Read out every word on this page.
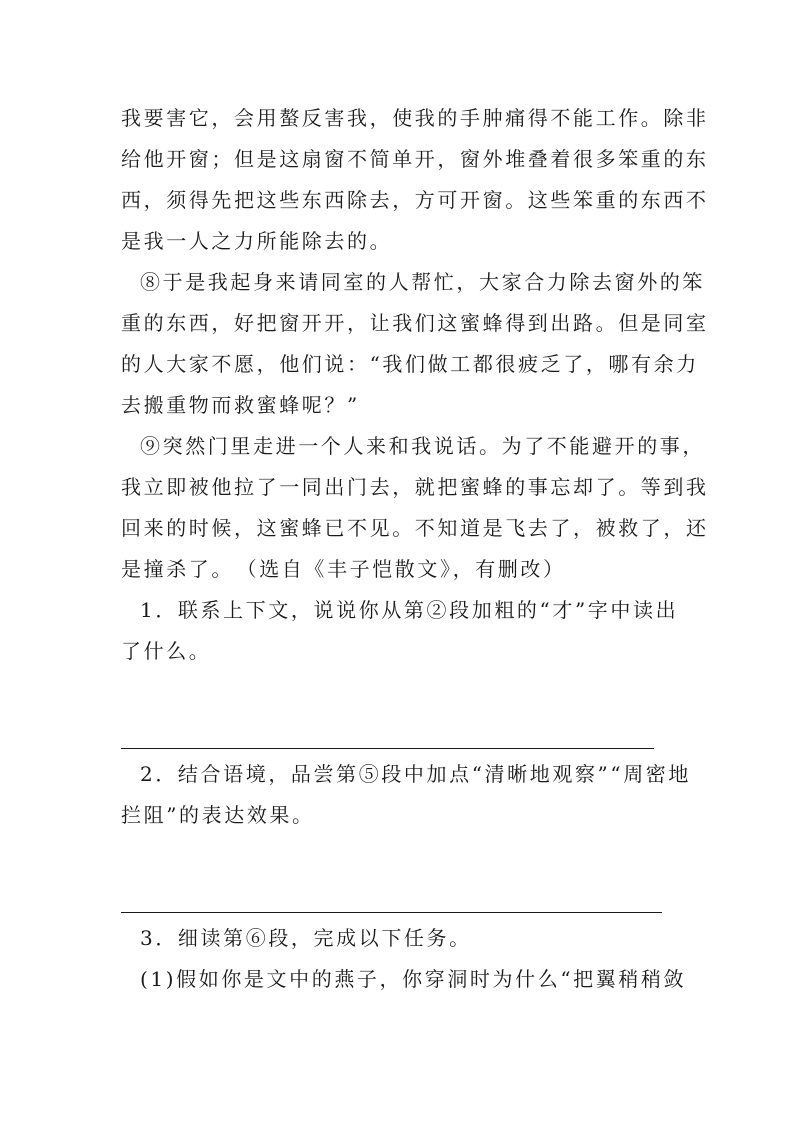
我要害它，会用螯反害我，使我的手肿痛得不能工作。除非
给他开窗；但是这扇窗不简单开，窗外堆叠着很多笨重的东
西，须得先把这些东西除去，方可开窗。这些笨重的东西不
是我一人之力所能除去的。
⑧于是我起身来请同室的人帮忙，大家合力除去窗外的笨
重的东西，好把窗开开，让我们这蜜蜂得到出路。但是同室
的人大家不愿，他们说：“我们做工都很疲乏了，哪有余力
去搬重物而救蜜蜂呢？”
⑨突然门里走进一个人来和我说话。为了不能避开的事，
我立即被他拉了一同出门去，就把蜜蜂的事忘却了。等到我
回来的时候，这蜜蜂已不见。不知道是飞去了，被救了，还
是撞杀了。　（选自《丰子恺散文》，有删改）
1．联系上下文，说说你从第②段加粗的“才”字中读出
了什么。
2．结合语境，品尝第⑤段中加点“清晰地观察”“周密地
拦阻”的表达效果。
3．细读第⑥段，完成以下任务。
(1)假如你是文中的燕子，你穿洞时为什么“把翼稍稍敛
